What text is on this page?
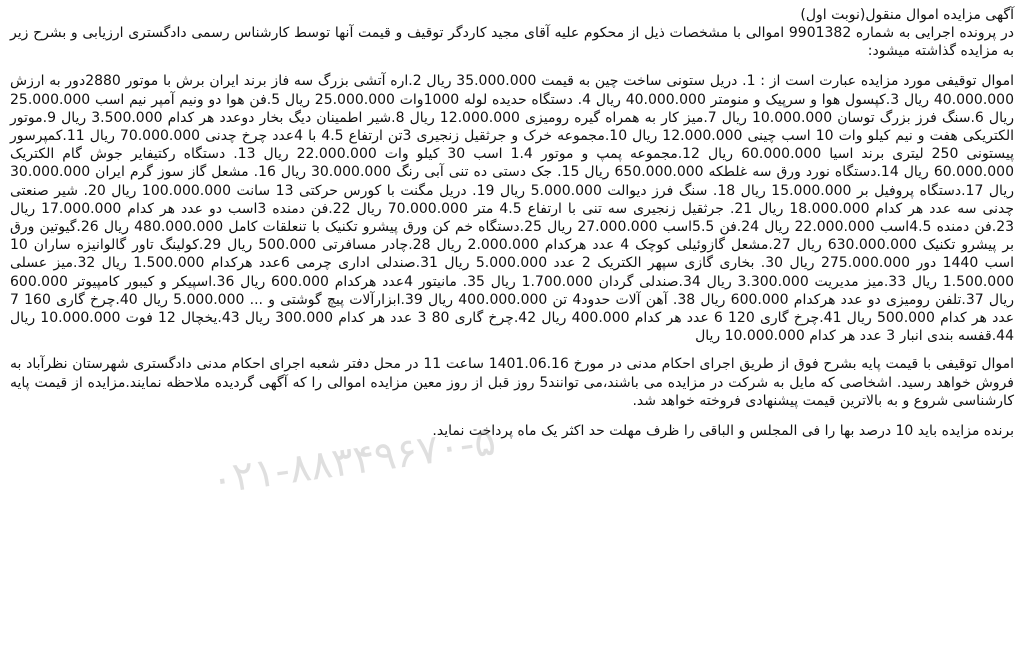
آگهی مزایده اموال منقول(نوبت اول)

در پرونده اجرایی به شماره 9901382 اموالی با مشخصات ذیل از محکوم علیه آقای مجید کاردگر توقیف و قیمت آنها توسط کارشناس رسمی دادگستری ارزیابی و بشرح زیر به مزایده گذاشته میشود:

اموال توقیفی مورد مزایده عبارت است از : 1. دریل ستونی ساخت چین به قیمت 35.000.000 ریال 2.اره آتشی بزرگ سه فاز برند ایران برش با موتور 2880دور به ارزش 40.000.000 ریال 3.کپسول هوا و سرپیک و منومتر 40.000.000 ریال 4. دستگاه حدیده لوله 1000وات 25.000.000 ریال 5.فن هوا دو ونیم آمپر نیم اسب 25.000.000 ریال 6.سنگ فرز بزرگ توسان 10.000.000 ریال 7.میز کار به همراه گیره رومیزی 12.000.000 ریال 8.شیر اطمینان دیگ بخار دوعدد هر کدام 3.500.000 ریال 9.موتور الکتریکی هفت و نیم کیلو وات 10 اسب چینی 12.000.000 ریال 10.مجموعه خرک و جرثقیل زنجیری 3تن ارتفاع 4.5 با 4عدد چرخ چدنی 70.000.000 ریال 11.کمپرسور پیستونی 250 لیتری برند اسیا 60.000.000 ریال 12.مجموعه پمپ و موتور 1.4 اسب 30 کیلو وات 22.000.000 ریال 13. دستگاه رکتیفایر جوش گام الکتریک 60.000.000 ریال 14.دستگاه نورد ورق سه غلطکه 650.000.000 ریال 15. جک دستی ده تنی آبی رنگ 30.000.000 ریال 16. مشعل گاز سوز گرم ایران 30.000.000 ریال 17.دستگاه پروفیل بر 15.000.000 ریال 18. سنگ فرز دیوالت 5.000.000 ریال 19. دریل مگنت با کورس حرکتی 13 سانت 100.000.000 ریال 20. شیر صنعتی چدنی سه عدد هر کدام 18.000.000 ریال 21. جرثقیل زنجیری سه تنی با ارتفاع 4.5 متر 70.000.000 ریال 22.فن دمنده 3اسب دو عدد هر کدام 17.000.000 ریال 23.فن دمنده 4.5اسب 22.000.000 ریال 24.فن 5.5اسب 27.000.000 ریال 25.دستگاه خم کن ورق پیشرو تکنیک با تنعلقات کامل 480.000.000 ریال 26.گیوتین ورق بر پیشرو تکنیک 630.000.000 ریال 27.مشعل گازوئیلی کوچک 4 عدد هرکدام 2.000.000 ریال 28.چادر مسافرتی 500.000 ریال 29.کولینگ تاور گالوانیزه ساران 10 اسب 1440 دور 275.000.000 ریال 30. بخاری گازی سپهر الکتریک 2 عدد 5.000.000 ریال 31.صندلی اداری چرمی 6عدد هرکدام 1.500.000 ریال 32.میز عسلی 1.500.000 ریال 33.میز مدیریت 3.300.000 ریال 34.صندلی گردان 1.700.000 ریال 35. مانیتور 4عدد هرکدام 600.000 ریال 36.اسپیکر و کیبور کامپیوتر 600.000 ریال 37.تلفن رومیزی دو عدد هرکدام 600.000 ریال 38. آهن آلات حدود4 تن 400.000.000 ریال 39.ابزارآلات پیچ گوشتی و ... 5.000.000 ریال 40.چرخ گاری 160 7 عدد هر کدام 500.000 ریال 41.چرخ گاری 120 6 عدد هر کدام 400.000 ریال 42.چرخ گاری 80 3 عدد هر کدام 300.000 ریال 43.یخچال 12 فوت 10.000.000 ریال 44.قفسه بندی انبار 3 عدد هر کدام 10.000.000 ریال

اموال توقیفی با قیمت پایه بشرح فوق از طریق اجرای احکام مدنی در مورخ 1401.06.16 ساعت 11 در محل دفتر شعبه اجرای احکام مدنی دادگستری شهرستان نظرآباد به فروش خواهد رسید. اشخاصی که مایل به شرکت در مزایده می باشند،می توانند5 روز قبل از روز معین مزایده اموالی را که آگهی گردیده ملاحظه نمایند.مزایده از قیمت پایه کارشناسی شروع و به بالاترین قیمت پیشنهادی فروخته خواهد شد.

برنده مزایده باید 10 درصد بها را فی المجلس و الباقی را ظرف مهلت حد اکثر یک ماه پرداخت نماید.

۰۲۱-۸۸۳۴۹۶۷۰-۵
